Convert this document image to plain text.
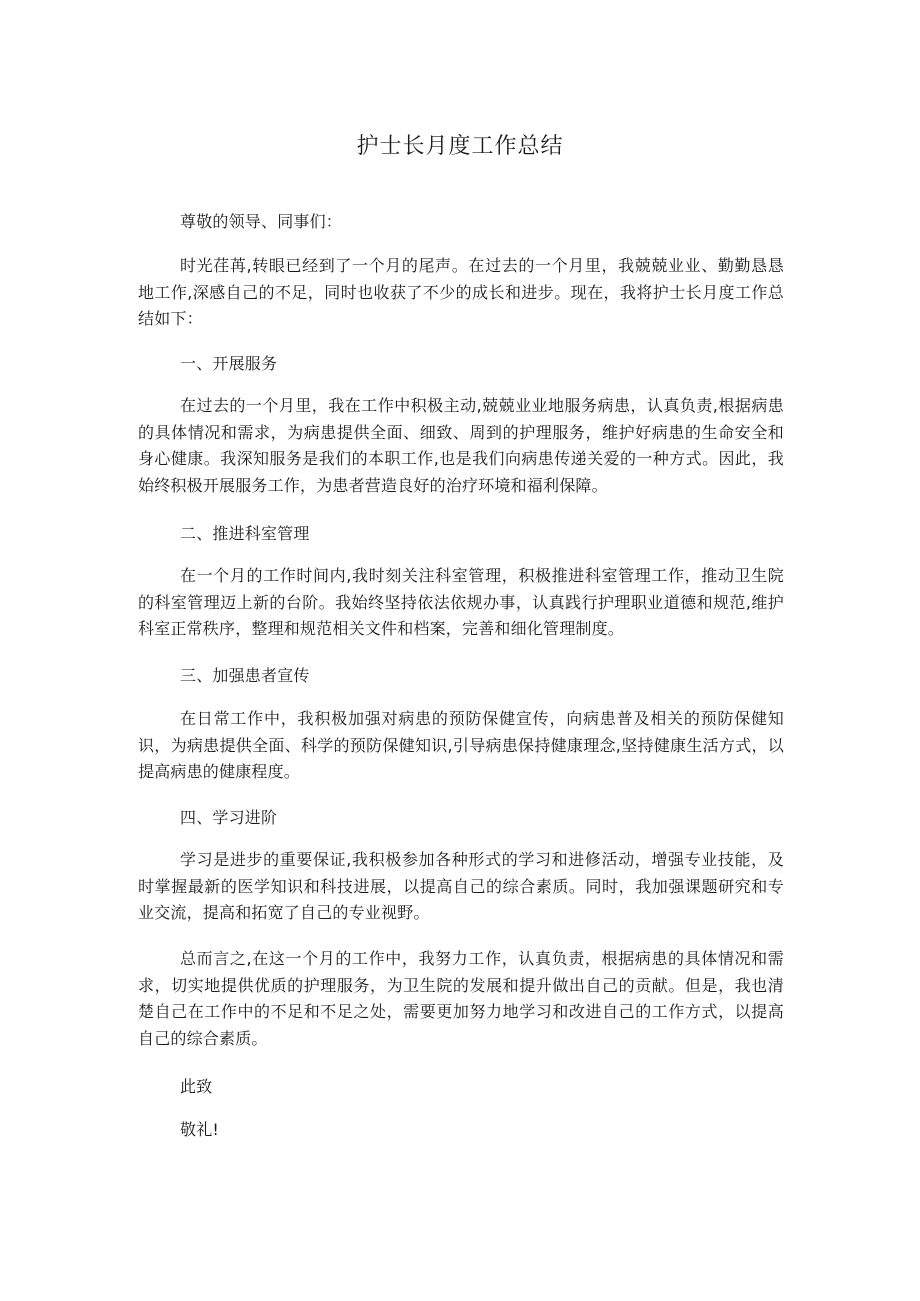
护士长月度工作总结

尊敬的领导、同事们：

时光荏苒,转眼已经到了一个月的尾声。在过去的一个月里，我兢兢业业、勤勤恳恳地工作,深感自己的不足，同时也收获了不少的成长和进步。现在，我将护士长月度工作总结如下：

一、开展服务

在过去的一个月里，我在工作中积极主动,兢兢业业地服务病患，认真负责,根据病患的具体情况和需求，为病患提供全面、细致、周到的护理服务，维护好病患的生命安全和身心健康。我深知服务是我们的本职工作,也是我们向病患传递关爱的一种方式。因此，我始终积极开展服务工作，为患者营造良好的治疗环境和福利保障。

二、推进科室管理

在一个月的工作时间内,我时刻关注科室管理，积极推进科室管理工作，推动卫生院的科室管理迈上新的台阶。我始终坚持依法依规办事，认真践行护理职业道德和规范,维护科室正常秩序，整理和规范相关文件和档案，完善和细化管理制度。

三、加强患者宣传

在日常工作中，我积极加强对病患的预防保健宣传，向病患普及相关的预防保健知识，为病患提供全面、科学的预防保健知识,引导病患保持健康理念,坚持健康生活方式，以提高病患的健康程度。

四、学习进阶

学习是进步的重要保证,我积极参加各种形式的学习和进修活动，增强专业技能，及时掌握最新的医学知识和科技进展，以提高自己的综合素质。同时，我加强课题研究和专业交流，提高和拓宽了自己的专业视野。

总而言之,在这一个月的工作中，我努力工作，认真负责，根据病患的具体情况和需求，切实地提供优质的护理服务，为卫生院的发展和提升做出自己的贡献。但是，我也清楚自己在工作中的不足和不足之处，需要更加努力地学习和改进自己的工作方式，以提高自己的综合素质。

此致

敬礼!
